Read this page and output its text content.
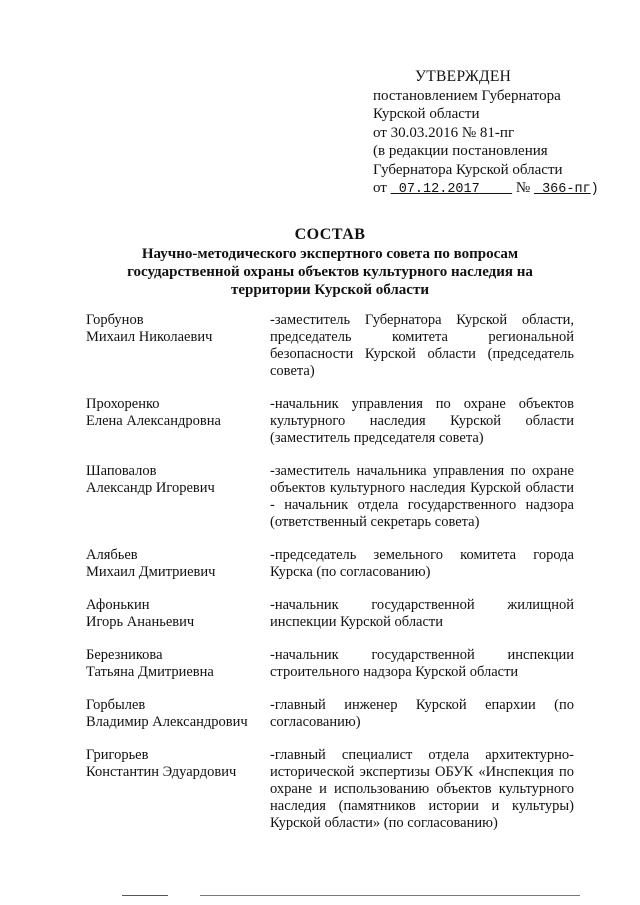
УТВЕРЖДЕН
постановлением Губернатора
Курской области
от 30.03.2016 № 81-пг
(в редакции постановления
Губернатора Курской области
от 07.12.2017 № 366-пг)
СОСТАВ
Научно-методического экспертного совета по вопросам
государственной охраны объектов культурного наследия на
территории Курской области
Горбунов
Михаил Николаевич
-заместитель Губернатора Курской области, председатель комитета региональной безопасности Курской области (председатель совета)
Прохоренко
Елена Александровна
-начальник управления по охране объектов культурного наследия Курской области (заместитель председателя совета)
Шаповалов
Александр Игоревич
-заместитель начальника управления по охране объектов культурного наследия Курской области - начальник отдела государственного надзора (ответственный секретарь совета)
Алябьев
Михаил Дмитриевич
-председатель земельного комитета города Курска (по согласованию)
Афонькин
Игорь Ананьевич
-начальник государственной жилищной инспекции Курской области
Березникова
Татьяна Дмитриевна
-начальник государственной инспекции строительного надзора Курской области
Горбылев
Владимир Александрович
-главный инженер Курской епархии (по согласованию)
Григорьев
Константин Эдуардович
-главный специалист отдела архитектурно-исторической экспертизы ОБУК «Инспекция по охране и использованию объектов культурного наследия (памятников истории и культуры) Курской области» (по согласованию)
